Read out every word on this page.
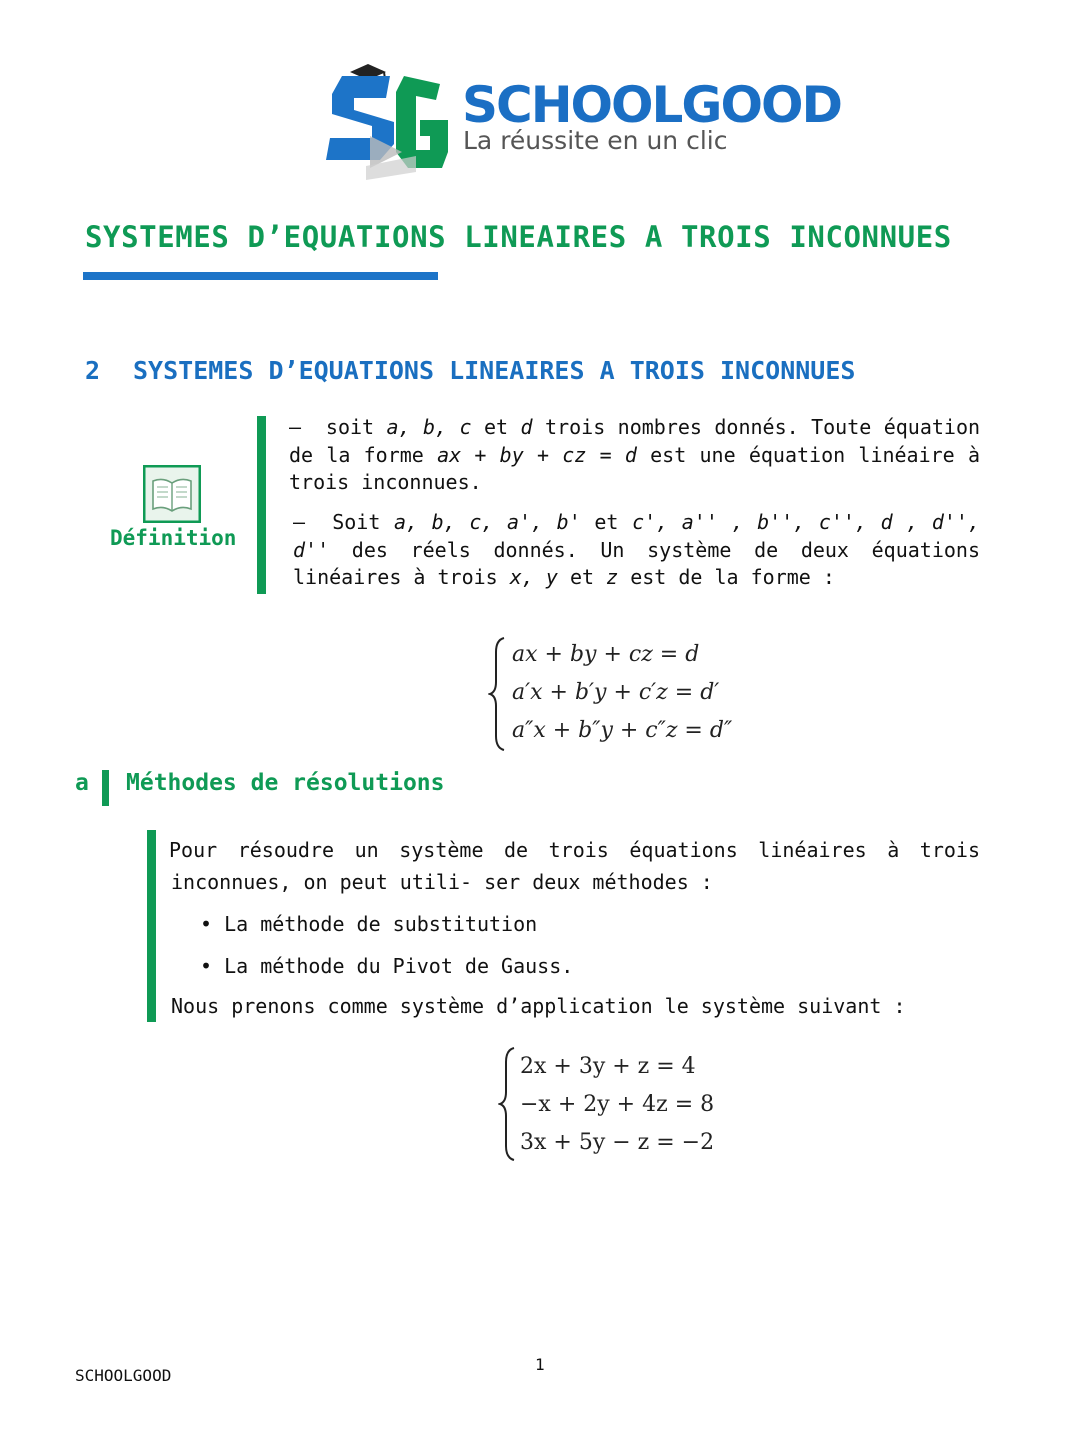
SCHOOLGOOD
La réussite en un clic
SYSTEMES D’EQUATIONS LINEAIRES A TROIS INCONNUES
2 SYSTEMES D’EQUATIONS LINEAIRES A TROIS INCONNUES
Définition
– soit a, b, c et d trois nombres donnés. Toute équation de la forme ax + by + cz = d est une équation linéaire à trois inconnues.
– Soit a, b, c, a', b' et c', a'' , b'', c'', d , d'', d'' des réels donnés. Un système de deux équations linéaires à trois x, y et z est de la forme :
ax + by + cz = d
a′x + b′y + c′z = d′
a″x + b″y + c″z = d″
a Méthodes de résolutions
Pour résoudre un système de trois équations linéaires à trois
inconnues, on peut utili- ser deux méthodes :
• La méthode de substitution
• La méthode du Pivot de Gauss.
Nous prenons comme système d’application le système suivant :
2x + 3y + z = 4
−x + 2y + 4z = 8
3x + 5y − z = −2
1
SCHOOLGOOD
